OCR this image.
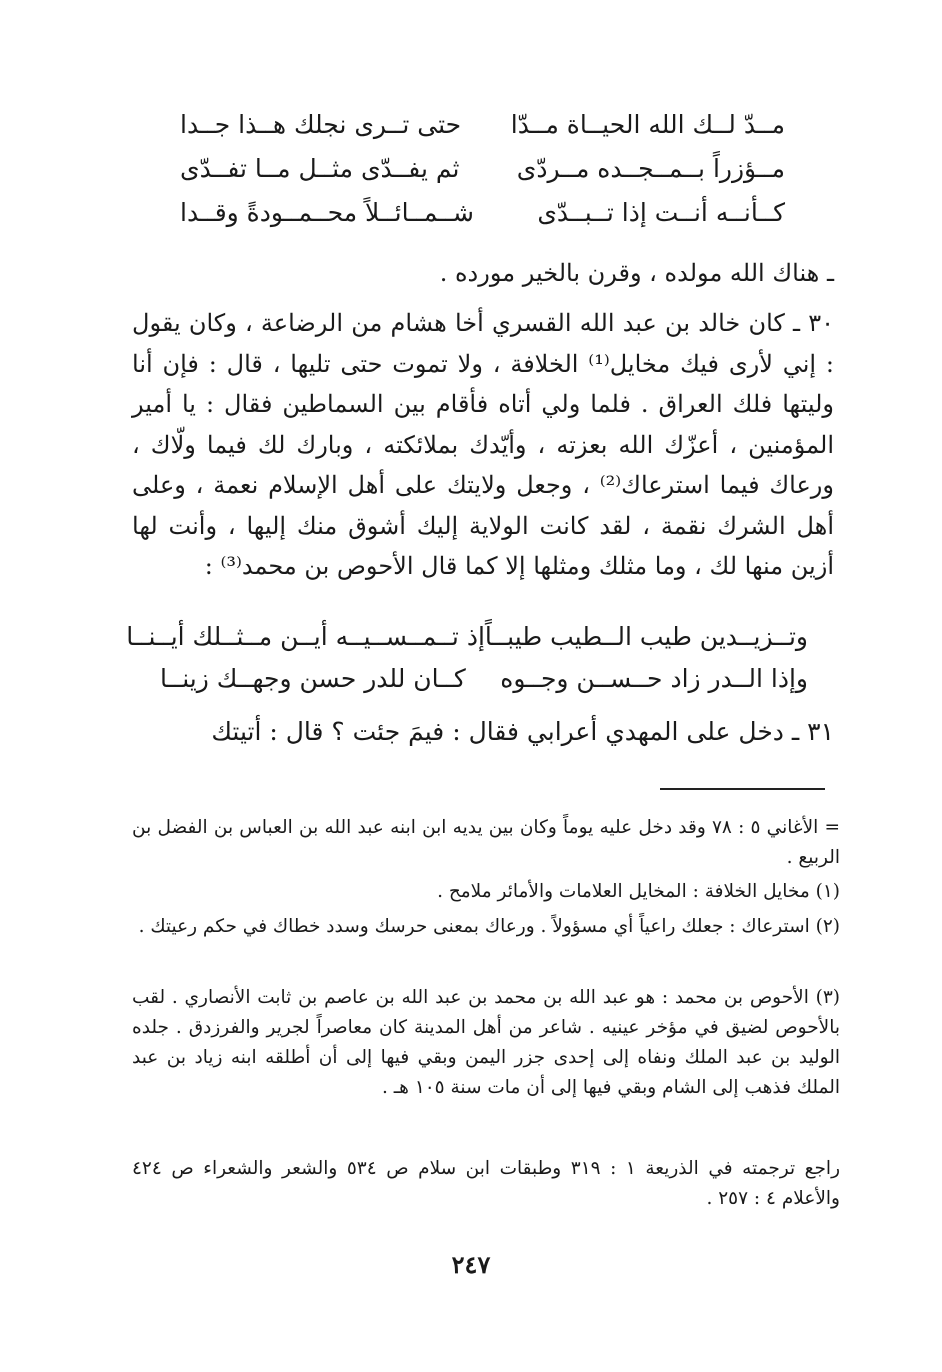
مــدّ لــك الله الحيــاة مــدّا
حتى تــرى نجلك هــذا جــدا
مــؤزراً بــمــجــده مــردّى
ثم يفــدّى مثــل مــا تفــدّى
كــأنــه أنــت إذا تــبــدّى
شــمــائــلاً محــمــودةً وقــدا
ـ هناك الله مولده ، وقرن بالخير مورده .
٣٠ ـ كان خالد بن عبد الله القسري أخا هشام من الرضاعة ، وكان يقول : إني لأرى فيك مخايل⁽¹⁾ الخلافة ، ولا تموت حتى تليها ، قال : فإن أنا وليتها فلك العراق . فلما ولي أتاه فأقام بين السماطين فقال : يا أمير المؤمنين ، أعزّك الله بعزته ، وأيّدك بملائكته ، وبارك لك فيما ولّاك ، ورعاك فيما استرعاك⁽²⁾ ، وجعل ولايتك على أهل الإسلام نعمة ، وعلى أهل الشرك نقمة ، لقد كانت الولاية إليك أشوق منك إليها ، وأنت لها أزين منها لك ، وما مثلك ومثلها إلا كما قال الأحوص بن محمد⁽³⁾ :
وتــزيــدين طيب الــطيب طيبــاً
إذ تــمــســيــه أيــن مــثــلك أيــنــا
وإذا الــدر زاد حــســن وجــوه
كــان للدر حسن وجهــك زينــا
٣١ ـ دخل على المهدي أعرابي فقال : فيمَ جئت ؟ قال : أتيتك
= الأغاني ٥ : ٧٨ وقد دخل عليه يوماً وكان بين يديه ابن ابنه عبد الله بن العباس بن الفضل بن الربيع .
(١) مخايل الخلافة : المخايل العلامات والأمائر ملامح .
(٢) استرعاك : جعلك راعياً أي مسؤولاً . ورعاك بمعنى حرسك وسدد خطاك في حكم رعيتك .
(٣) الأحوص بن محمد : هو عبد الله بن محمد بن عبد الله بن عاصم بن ثابت الأنصاري . لقب بالأحوص لضيق في مؤخر عينيه . شاعر من أهل المدينة كان معاصراً لجرير والفرزدق . جلده الوليد بن عبد الملك ونفاه إلى إحدى جزر اليمن وبقي فيها إلى أن أطلقه ابنه زياد بن عبد الملك فذهب إلى الشام وبقي فيها إلى أن مات سنة ١٠٥ هـ .
راجع ترجمته في الذريعة ١ : ٣١٩ وطبقات ابن سلام ص ٥٣٤ والشعر والشعراء ص ٤٢٤ والأعلام ٤ : ٢٥٧ .
٢٤٧
